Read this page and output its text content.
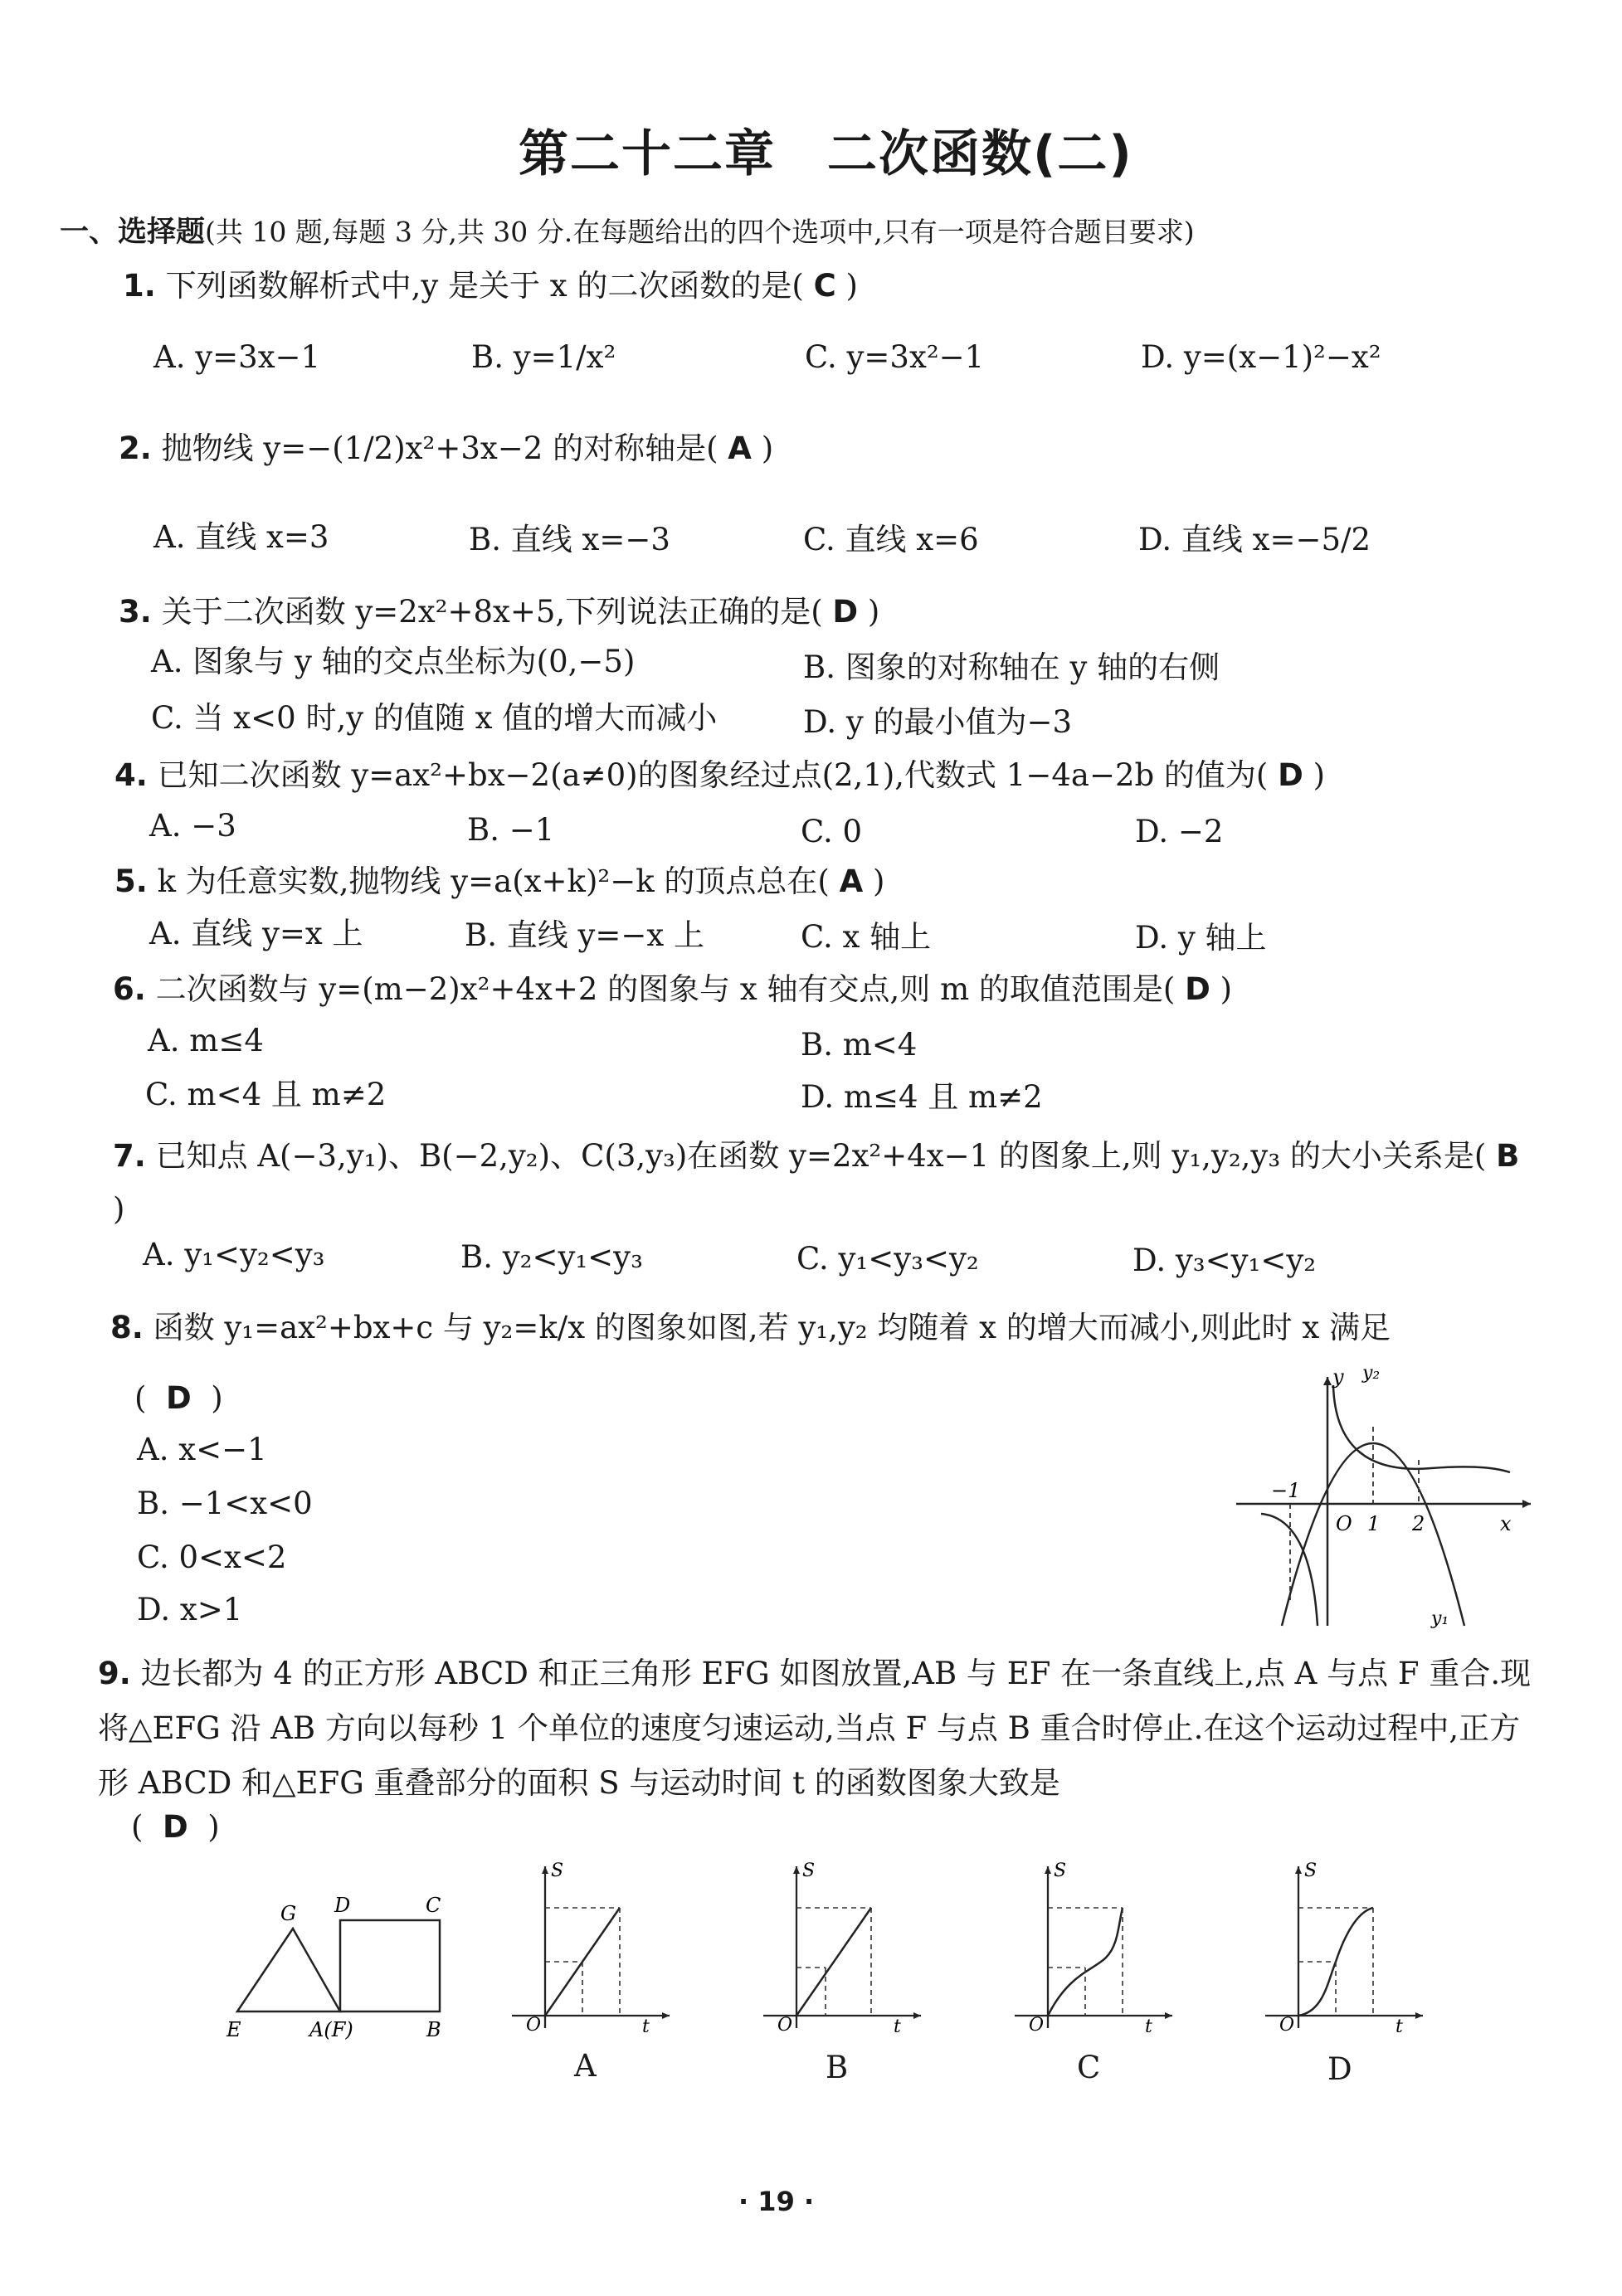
第二十二章　二次函数(二)
一、选择题(共 10 题,每题 3 分,共 30 分.在每题给出的四个选项中,只有一项是符合题目要求)
1. 下列函数解析式中,y 是关于 x 的二次函数的是( C )
A. y=3x−1	B. y=1/x²	C. y=3x²−1	D. y=(x−1)²−x²
2. 抛物线 y=−(1/2)x²+3x−2 的对称轴是( A )
A. 直线 x=3	B. 直线 x=−3	C. 直线 x=6	D. 直线 x=−5/2
3. 关于二次函数 y=2x²+8x+5,下列说法正确的是( D )
A. 图象与 y 轴的交点坐标为(0,−5)	B. 图象的对称轴在 y 轴的右侧
C. 当 x<0 时,y 的值随 x 值的增大而减小	D. y 的最小值为−3
4. 已知二次函数 y=ax²+bx−2(a≠0)的图象经过点(2,1),代数式 1−4a−2b 的值为( D )
A. −3	B. −1	C. 0	D. −2
5. k 为任意实数,抛物线 y=a(x+k)²−k 的顶点总在( A )
A. 直线 y=x 上	B. 直线 y=−x 上	C. x 轴上	D. y 轴上
6. 二次函数与 y=(m−2)x²+4x+2 的图象与 x 轴有交点,则 m 的取值范围是( D )
A. m≤4	B. m<4
C. m<4 且 m≠2	D. m≤4 且 m≠2
7. 已知点 A(−3,y₁)、B(−2,y₂)、C(3,y₃)在函数 y=2x²+4x−1 的图象上,则 y₁,y₂,y₃ 的大小关系是( B )
A. y₁<y₂<y₃	B. y₂<y₁<y₃	C. y₁<y₃<y₂	D. y₃<y₁<y₂
8. 函数 y₁=ax²+bx+c 与 y₂=k/x 的图象如图,若 y₁,y₂ 均随着 x 的增大而减小,则此时 x 满足
( D )
A. x<−1
B. −1<x<0
C. 0<x<2
D. x>1
y y₂
x
O
−1
1 2
y₁
9. 边长都为 4 的正方形 ABCD 和正三角形 EFG 如图放置,AB 与 EF 在一条直线上,点 A 与点 F 重合.现将△EFG 沿 AB 方向以每秒 1 个单位的速度匀速运动,当点 F 与点 B 重合时停止.在这个运动过程中,正方形 ABCD 和△EFG 重叠部分的面积 S 与运动时间 t 的函数图象大致是
( D )
G D	C
E	A(F)	B
S
O	t
A
S
O	t
B
S
O	t
C
S
O	t
D
· 19 ·
